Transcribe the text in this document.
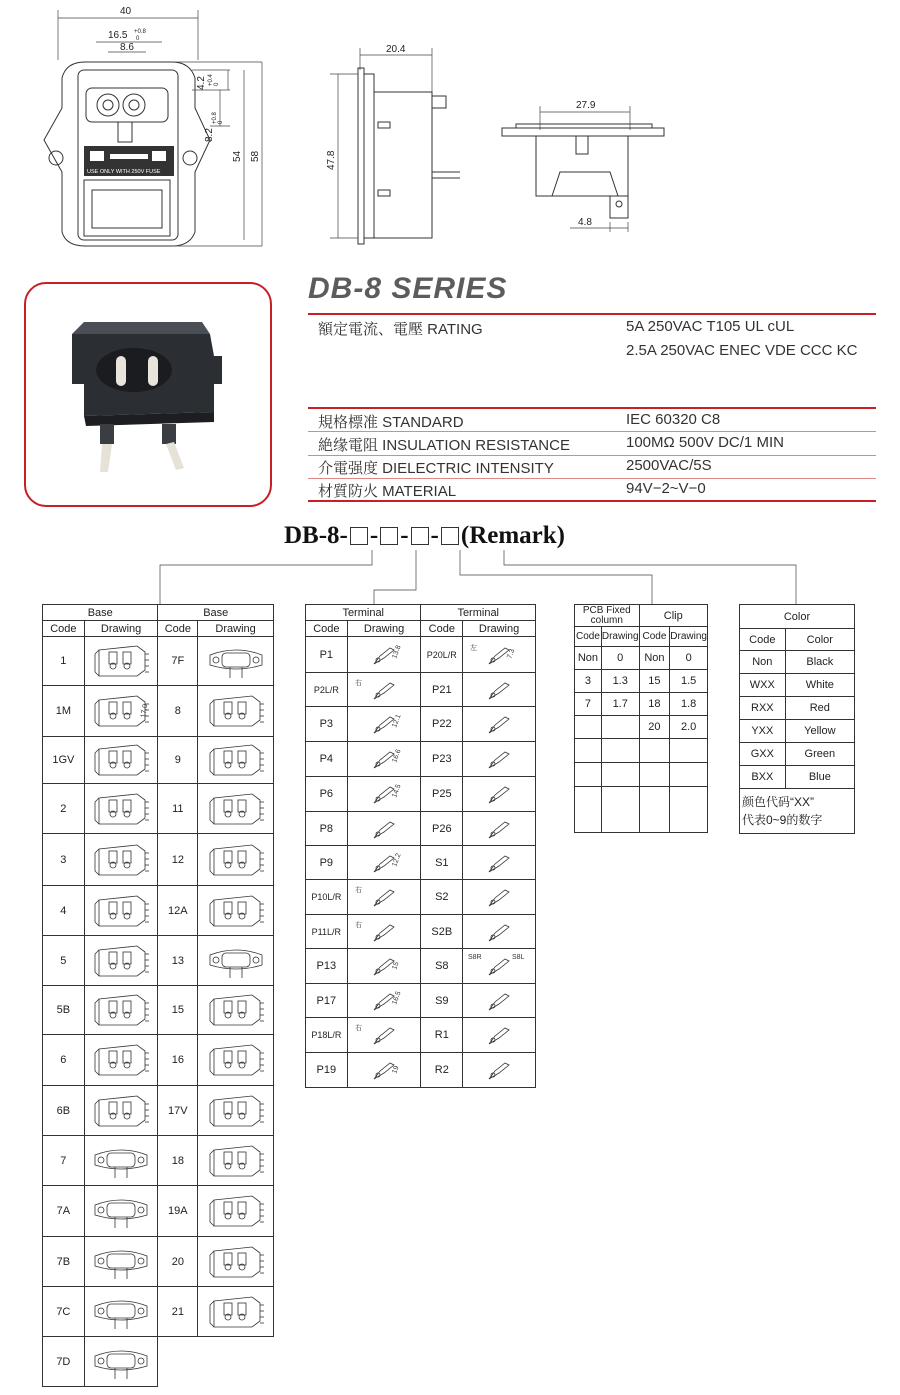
40
16.5 +0.8
0
8.6
USE ONLY WITH 250V FUSE
4.2 +0.4 0
8.2
+0.8 0
54 58
20.4
47.8
27.9
4.8
DB-8 SERIES
額定電流、電壓 RATING	5A 250VAC T105 UL cUL
2.5A 250VAC ENEC VDE CCC KC
規格標准 STANDARD	IEC 60320 C8
絶缘電阻 INSULATION RESISTANCE	100MΩ 500V DC/1 MIN
介電强度 DIELECTRIC INTENSITY	2500VAC/5S
材質防火 MATERIAL	94V−2~V−0
DB-8- - - - (Remark)
Base		Base	
Code	Drawing	Code	Drawing
1		7F	

1M	17.0	8	

1GV		9	

2		11	

3		12	

4		12A	

5		13	

5B		15	

6		16	

6B		17V	

7		18	

7A		19A	

7B		20	

7C		21	

7D	

Terminal		Terminal	
Code	Drawing	Code	Drawing
P1	13.8	P20L/R	7.3
左

P2L/R	右	P21	

P3	12.1	P22	

P4	16.6	P23	

P6	14.5	P25	

P8		P26	

P9	12.2	S1	

P10L/R	右	S2	

P11L/R	右	S2B	

P13	15	S8	S8R S8L

P17	16.5	S9	

P18L/R	右	R1	

P19	19	R2	
PCB Fixed column		Clip	
Code	Drawing	Code	Drawing
Non	0	Non	0
3	1.3	15	1.5
7	1.7	18	1.8
		20	2.0

Color	
Code	Color
Non	Black
WXX	White
RXX	Red
YXX	Yellow
GXX	Green
BXX	Blue

颜色代码“XX”
代表0~9的数字	
